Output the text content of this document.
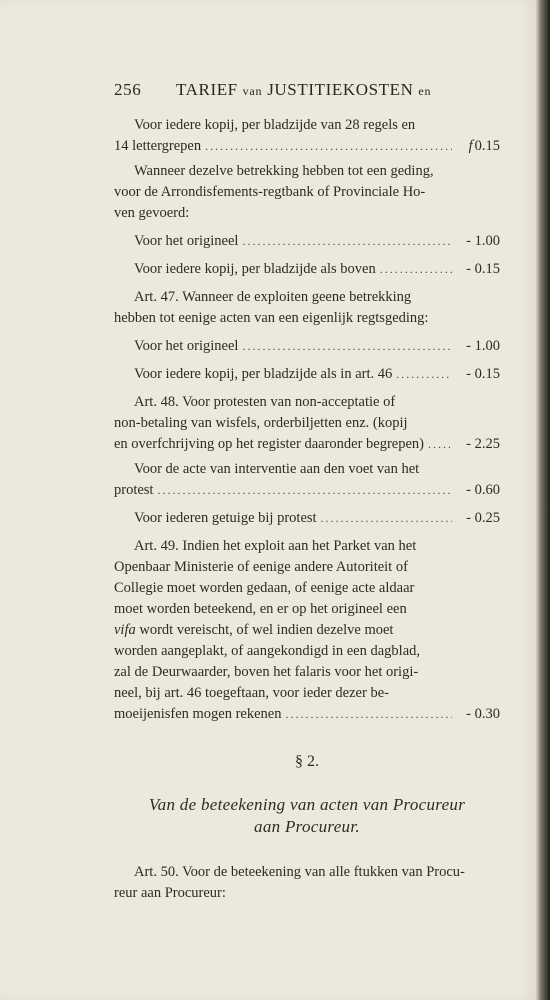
256 TARIEF van JUSTITIEKOSTEN en
Voor iedere kopij, per bladzijde van 28 regels en
14 lettergrepen .....	f 0.15
Wanneer dezelve betrekking hebben tot een geding,
voor de Arrondisfements-regtbank of Provinciale Ho-
ven gevoerd:
Voor het origineel .....	- 1.00
Voor iedere kopij, per bladzijde als boven .....	- 0.15
Art. 47. Wanneer de exploiten geene betrekking
hebben tot eenige acten van een eigenlijk regtsgeding:
Voor het origineel .....	- 1.00
Voor iedere kopij, per bladzijde als in art. 46 .....	- 0.15
Art. 48. Voor protesten van non-acceptatie of
non-betaling van wisfels, orderbiljetten enz. (kopij
en overfchrijving op het register daaronder begrepen) .....	- 2.25
Voor de acte van interventie aan den voet van het
protest .....	- 0.60
Voor iederen getuige bij protest .....	- 0.25
Art. 49. Indien het exploit aan het Parket van het
Openbaar Ministerie of eenige andere Autoriteit of
Collegie moet worden gedaan, of eenige acte aldaar
moet worden beteekend, en er op het origineel een
vifa wordt vereischt, of wel indien dezelve moet
worden aangeplakt, of aangekondigd in een dagblad,
zal de Deurwaarder, boven het falaris voor het origi-
neel, bij art. 46 toegeftaan, voor ieder dezer be-
moeijenisfen mogen rekenen .....	- 0.30
§ 2.
Van de beteekening van acten van Procureur
aan Procureur.
Art. 50. Voor de beteekening van alle ftukken van Procu-
reur aan Procureur:
